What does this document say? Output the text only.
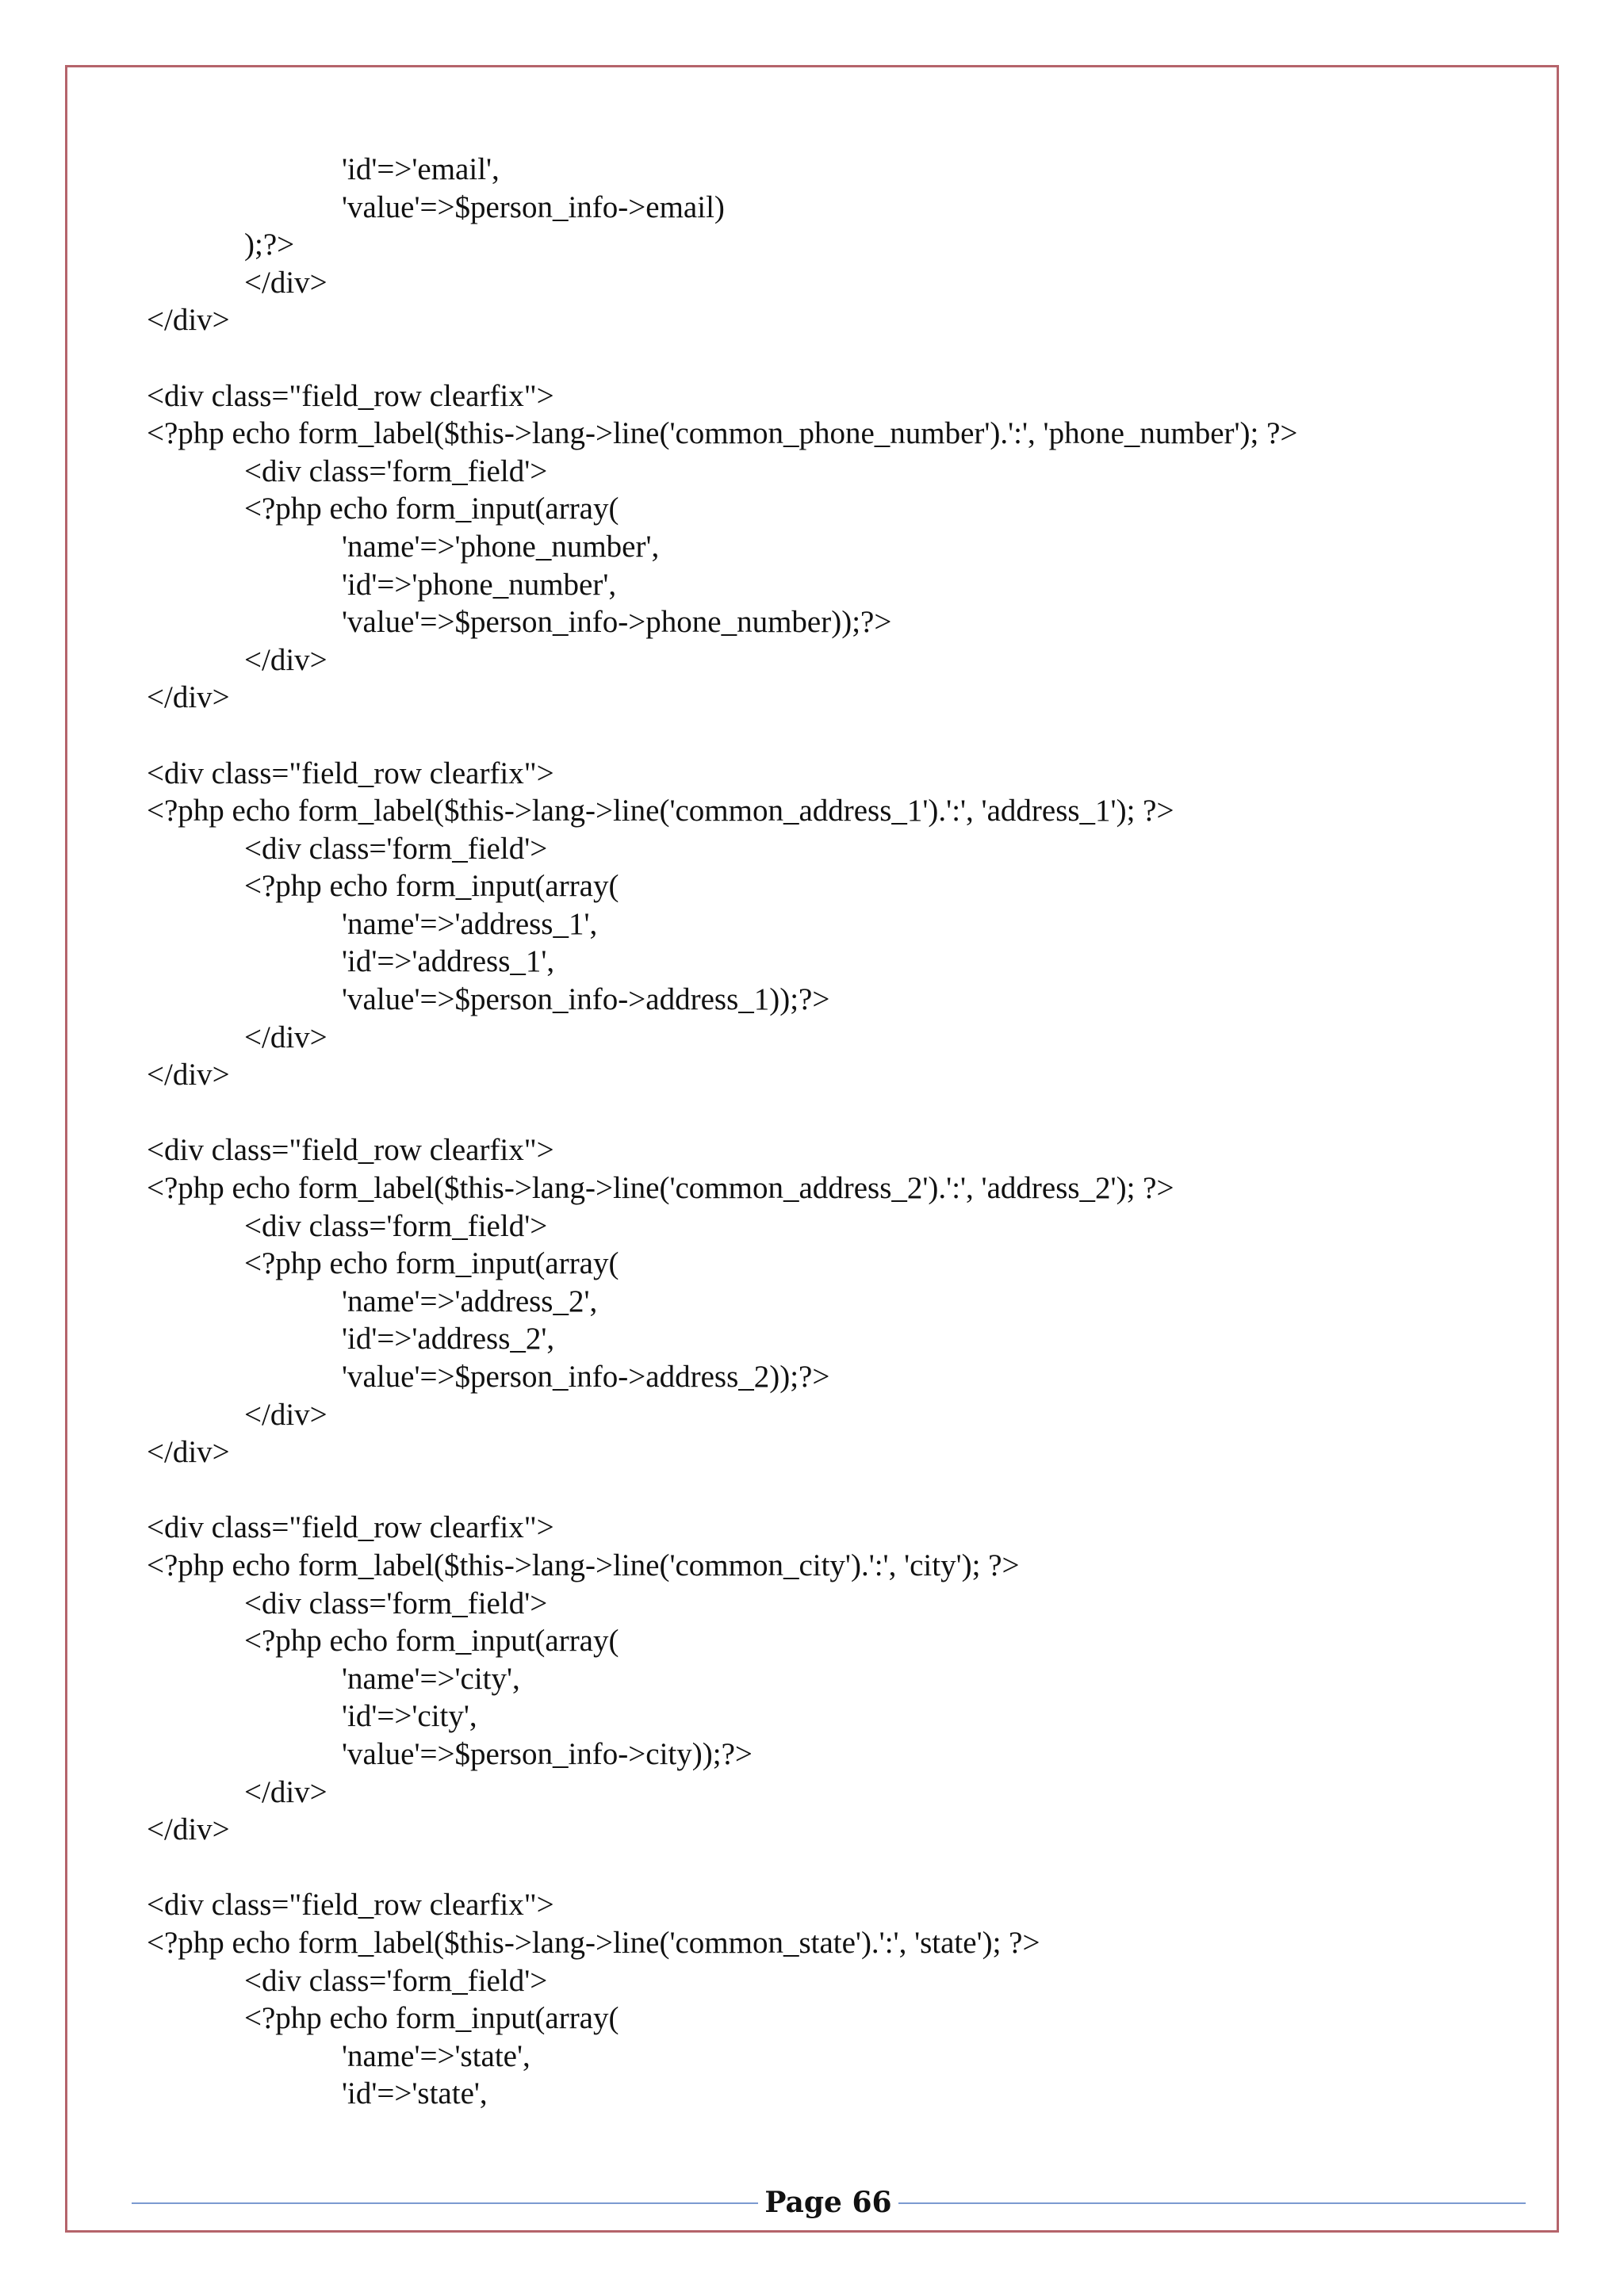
'id'=>'email',
'value'=>$person_info->email)
);?>
</div>
</div>
<div class="field_row clearfix">
<?php echo form_label($this->lang->line('common_phone_number').':', 'phone_number'); ?>
<div class='form_field'>
<?php echo form_input(array(
'name'=>'phone_number',
'id'=>'phone_number',
'value'=>$person_info->phone_number));?>
</div>
</div>
<div class="field_row clearfix">
<?php echo form_label($this->lang->line('common_address_1').':', 'address_1'); ?>
<div class='form_field'>
<?php echo form_input(array(
'name'=>'address_1',
'id'=>'address_1',
'value'=>$person_info->address_1));?>
</div>
</div>
<div class="field_row clearfix">
<?php echo form_label($this->lang->line('common_address_2').':', 'address_2'); ?>
<div class='form_field'>
<?php echo form_input(array(
'name'=>'address_2',
'id'=>'address_2',
'value'=>$person_info->address_2));?>
</div>
</div>
<div class="field_row clearfix">
<?php echo form_label($this->lang->line('common_city').':', 'city'); ?>
<div class='form_field'>
<?php echo form_input(array(
'name'=>'city',
'id'=>'city',
'value'=>$person_info->city));?>
</div>
</div>
<div class="field_row clearfix">
<?php echo form_label($this->lang->line('common_state').':', 'state'); ?>
<div class='form_field'>
<?php echo form_input(array(
'name'=>'state',
'id'=>'state',
Page 66
